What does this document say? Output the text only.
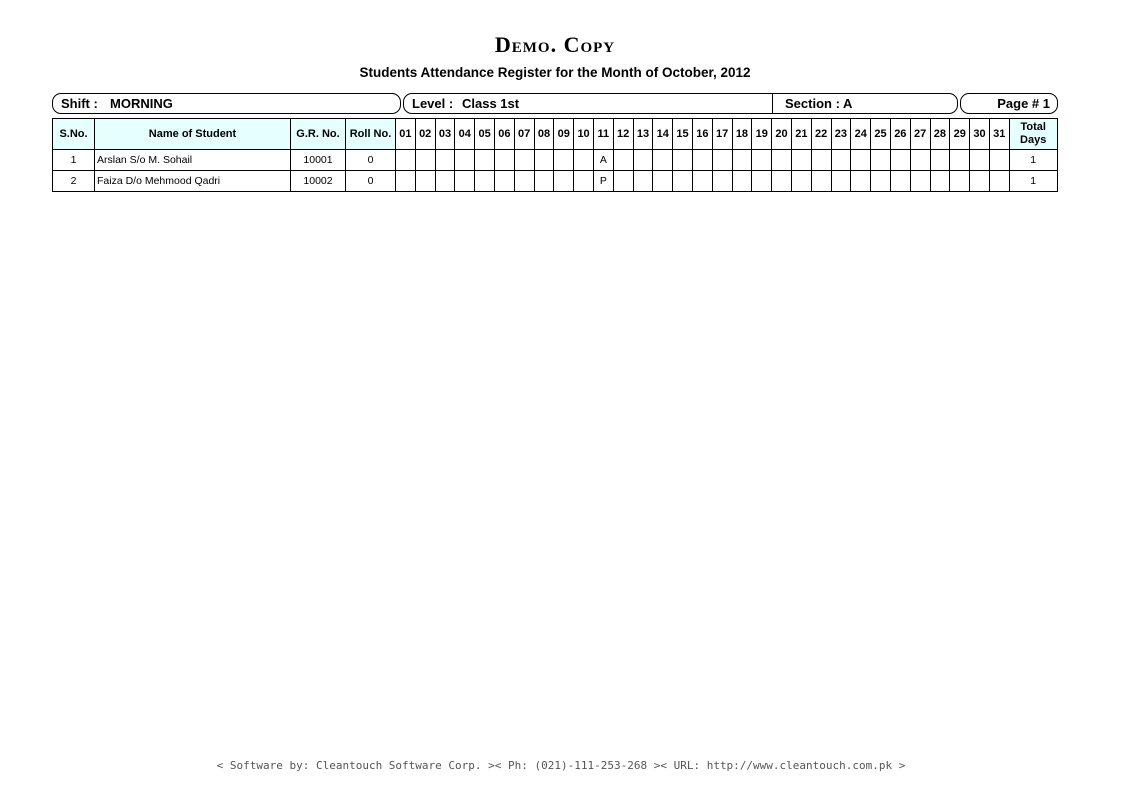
Demo. Copy
Students Attendance Register for the Month of October, 2012
Shift : MORNING	Level : Class 1st	Section : A	Page # 1
S.No.	Name of Student	G.R. No.	Roll No.	01	02	03	04	05	06	07	08	09	10	11	12	13	14	15	16	17	18	19	20	21	22	23	24	25	26	27	28	29	30	31	Total
Days

1	Arslan S/o M. Sohail	10001	0											A																					1
2	Faiza D/o Mehmood Qadri	10002	0											P																					1
< Software by: Cleantouch Software Corp. >< Ph: (021)-111-253-268 >< URL: http://www.cleantouch.com.pk >
